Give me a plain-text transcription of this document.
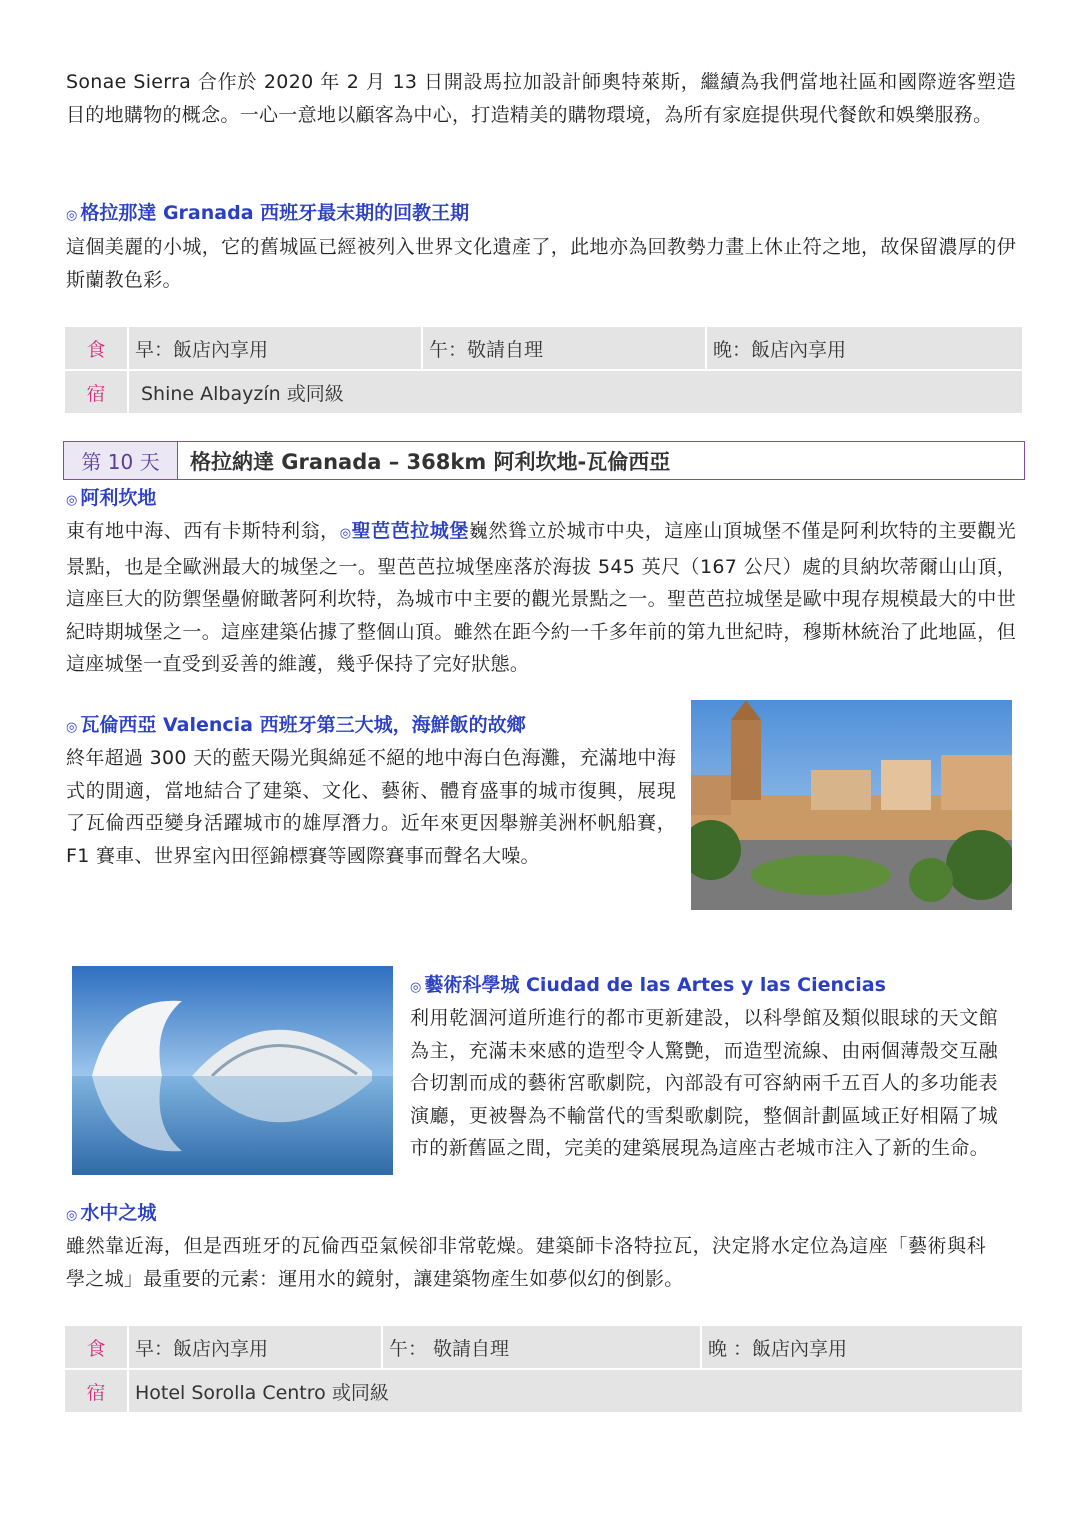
Sonae Sierra 合作於 2020 年 2 月 13 日開設馬拉加設計師奧特萊斯，繼續為我們當地社區和國際遊客塑造目的地購物的概念。一心一意地以顧客為中心，打造精美的購物環境，為所有家庭提供現代餐飲和娛樂服務。

◎ 格拉那達 Granada 西班牙最末期的回教王期

這個美麗的小城，它的舊城區已經被列入世界文化遺產了，此地亦為回教勢力畫上休止符之地，故保留濃厚的伊斯蘭教色彩。

食	早：飯店內享用	午：敬請自理	晚：飯店內享用
宿	Shine Albayzín 或同級		
第 10 天	格拉納達 Granada – 368km 阿利坎地-瓦倫西亞

◎ 阿利坎地

東有地中海、西有卡斯特利翁，◎聖芭芭拉城堡巍然聳立於城市中央，這座山頂城堡不僅是阿利坎特的主要觀光景點，也是全歐洲最大的城堡之一。聖芭芭拉城堡座落於海拔 545 英尺（167 公尺）處的貝納坎蒂爾山山頂，這座巨大的防禦堡壘俯瞰著阿利坎特，為城市中主要的觀光景點之一。聖芭芭拉城堡是歐中現存規模最大的中世紀時期城堡之一。這座建築佔據了整個山頂。雖然在距今約一千多年前的第九世紀時，穆斯林統治了此地區，但這座城堡一直受到妥善的維護，幾乎保持了完好狀態。

◎ 瓦倫西亞 Valencia 西班牙第三大城，海鮮飯的故鄉

終年超過 300 天的藍天陽光與綿延不絕的地中海白色海灘，充滿地中海式的閒適，當地結合了建築、文化、藝術、體育盛事的城市復興，展現了瓦倫西亞變身活躍城市的雄厚潛力。近年來更因舉辦美洲杯帆船賽，F1 賽車、世界室內田徑錦標賽等國際賽事而聲名大噪。

◎ 藝術科學城 Ciudad de las Artes y las Ciencias

利用乾涸河道所進行的都市更新建設，以科學館及類似眼球的天文館為主，充滿未來感的造型令人驚艷，而造型流線、由兩個薄殼交互融合切割而成的藝術宮歌劇院，內部設有可容納兩千五百人的多功能表演廳，更被譽為不輸當代的雪梨歌劇院，整個計劃區域正好相隔了城市的新舊區之間，完美的建築展現為這座古老城市注入了新的生命。

◎ 水中之城

雖然靠近海，但是西班牙的瓦倫西亞氣候卻非常乾燥。建築師卡洛特拉瓦，決定將水定位為這座「藝術與科學之城」最重要的元素：運用水的鏡射，讓建築物產生如夢似幻的倒影。

食	早：飯店內享用	午： 敬請自理	晚 ：飯店內享用
宿	Hotel Sorolla Centro 或同級		
